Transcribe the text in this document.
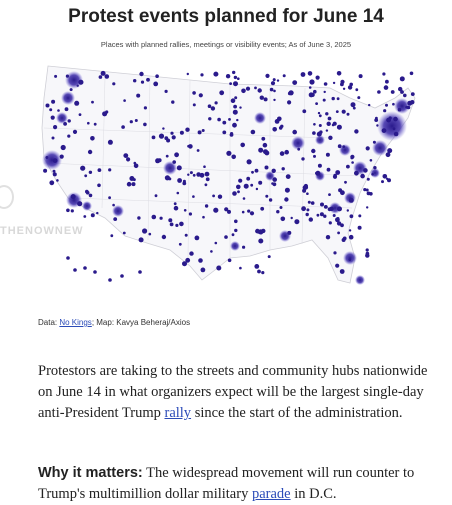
Protest events planned for June 14
Places with planned rallies, meetings or visibility events; As of June 3, 2025
THENOWNEW
Data: No Kings; Map: Kavya Beheraj/Axios
Protestors are taking to the streets and community hubs nationwide on June 14 in what organizers expect will be the largest single-day anti-President Trump rally since the start of the administration.
Why it matters: The widespread movement will run counter to Trump's multimillion dollar military parade in D.C.
